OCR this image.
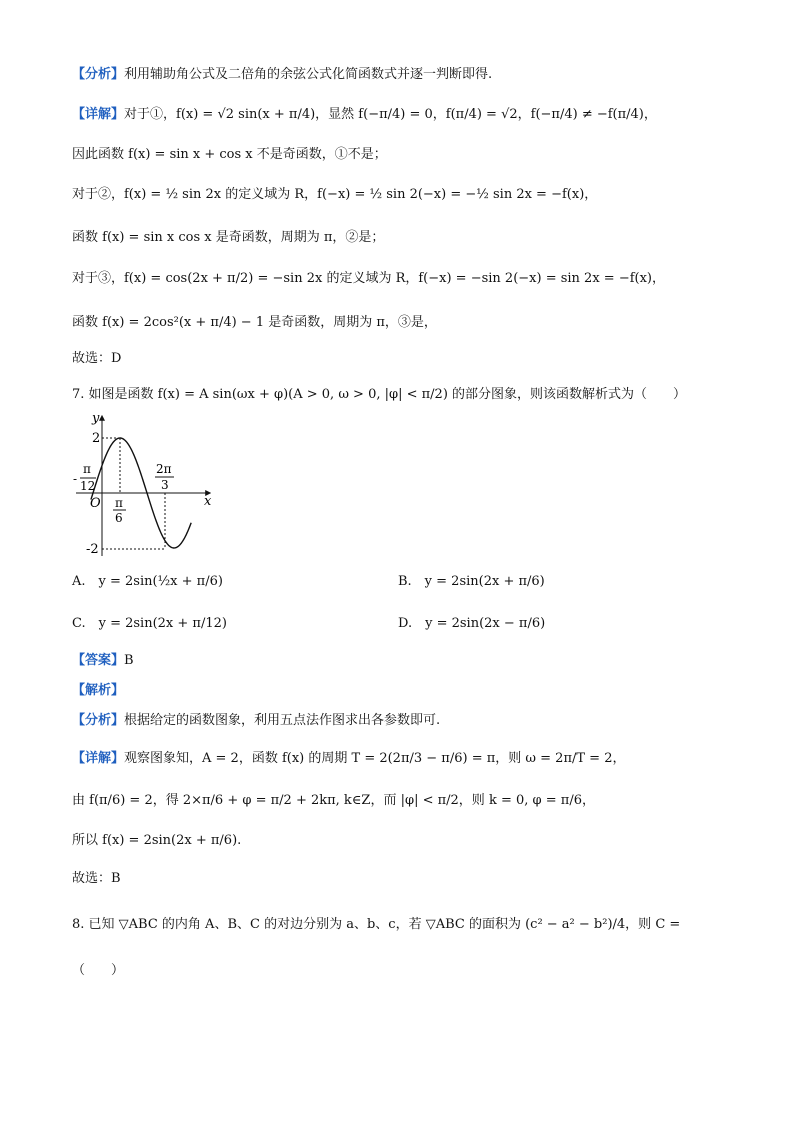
【分析】利用辅助角公式及二倍角的余弦公式化简函数式并逐一判断即得.
【详解】对于①，f(x) = √2 sin(x + π/4)，显然 f(−π/4) = 0，f(π/4) = √2，f(−π/4) ≠ −f(π/4)，
因此函数 f(x) = sin x + cos x 不是奇函数，①不是；
对于②，f(x) = ½ sin 2x 的定义域为 R，f(−x) = ½ sin 2(−x) = −½ sin 2x = −f(x)，
函数 f(x) = sin x cos x 是奇函数，周期为 π，②是；
对于③，f(x) = cos(2x + π/2) = −sin 2x 的定义域为 R，f(−x) = −sin 2(−x) = sin 2x = −f(x)，
函数 f(x) = 2cos²(x + π/4) − 1 是奇函数，周期为 π，③是，
故选：D
7. 如图是函数 f(x) = A sin(ωx + φ)(A > 0, ω > 0, |φ| < π/2) 的部分图象，则该函数解析式为（　　）
y
x
O
2
-2
-
π
12
π
6
2π
3
A.　y = 2sin(½x + π/6)	B.　y = 2sin(2x + π/6)
C.　y = 2sin(2x + π/12)	D.　y = 2sin(2x − π/6)
【答案】B
【解析】
【分析】根据给定的函数图象，利用五点法作图求出各参数即可.
【详解】观察图象知，A = 2，函数 f(x) 的周期 T = 2(2π/3 − π/6) = π，则 ω = 2π/T = 2，
由 f(π/6) = 2，得 2×π/6 + φ = π/2 + 2kπ, k∈Z，而 |φ| < π/2，则 k = 0, φ = π/6，
所以 f(x) = 2sin(2x + π/6).
故选：B
8. 已知 ▽ABC 的内角 A、B、C 的对边分别为 a、b、c，若 ▽ABC 的面积为 (c² − a² − b²)/4，则 C =
（　　）
